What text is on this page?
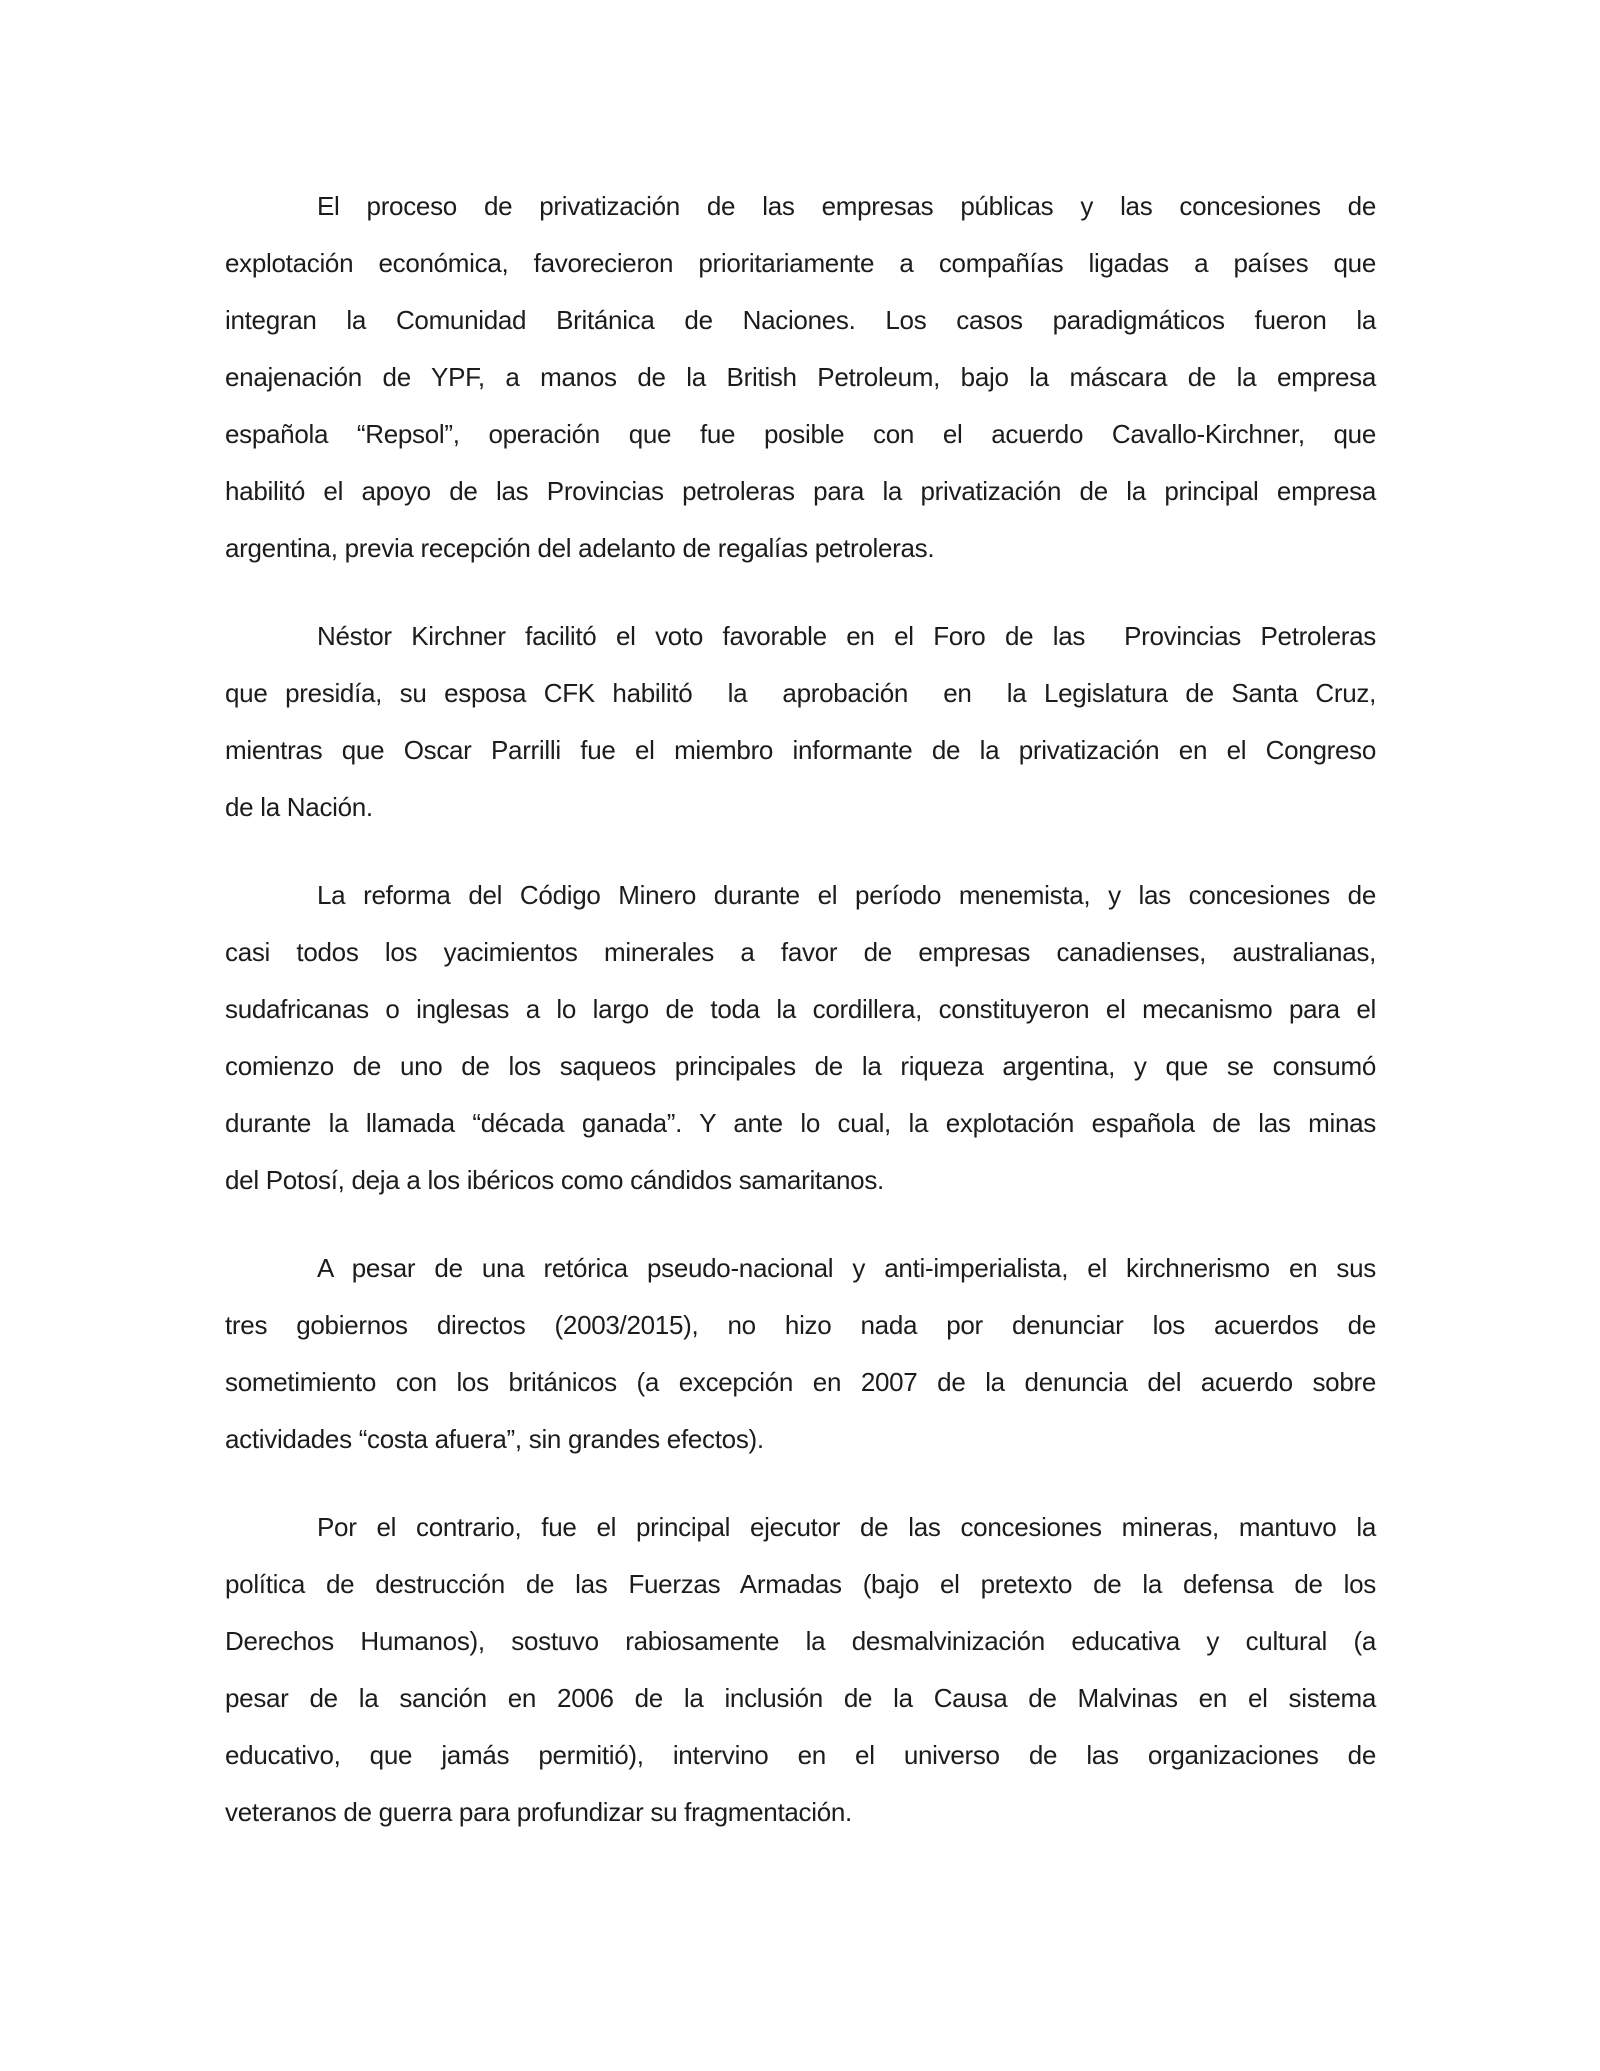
El proceso de privatización de las empresas públicas y las concesiones de
explotación económica, favorecieron prioritariamente a compañías ligadas a países que
integran la Comunidad Británica de Naciones. Los casos paradigmáticos fueron la
enajenación de YPF, a manos de la British Petroleum, bajo la máscara de la empresa
española “Repsol”, operación que fue posible con el acuerdo Cavallo-Kirchner, que
habilitó el apoyo de las Provincias petroleras para la privatización de la principal empresa
argentina, previa recepción del adelanto de regalías petroleras.
Néstor Kirchner facilitó el voto favorable en el Foro de las  Provincias Petroleras
que presidía, su esposa CFK habilitó  la  aprobación  en  la Legislatura de Santa Cruz,
mientras que Oscar Parrilli fue el miembro informante de la privatización en el Congreso
de la Nación.
La reforma del Código Minero durante el período menemista, y las concesiones de
casi todos los yacimientos minerales a favor de empresas canadienses, australianas,
sudafricanas o inglesas a lo largo de toda la cordillera, constituyeron el mecanismo para el
comienzo de uno de los saqueos principales de la riqueza argentina, y que se consumó
durante la llamada “década ganada”. Y ante lo cual, la explotación española de las minas
del Potosí, deja a los ibéricos como cándidos samaritanos.
A pesar de una retórica pseudo-nacional y anti-imperialista, el kirchnerismo en sus
tres gobiernos directos (2003/2015), no hizo nada por denunciar los acuerdos de
sometimiento con los británicos (a excepción en 2007 de la denuncia del acuerdo sobre
actividades “costa afuera”, sin grandes efectos).
Por el contrario, fue el principal ejecutor de las concesiones mineras, mantuvo la
política de destrucción de las Fuerzas Armadas (bajo el pretexto de la defensa de los
Derechos Humanos), sostuvo rabiosamente la desmalvinización educativa y cultural (a
pesar de la sanción en 2006 de la inclusión de la Causa de Malvinas en el sistema
educativo, que jamás permitió), intervino en el universo de las organizaciones de
veteranos de guerra para profundizar su fragmentación.
